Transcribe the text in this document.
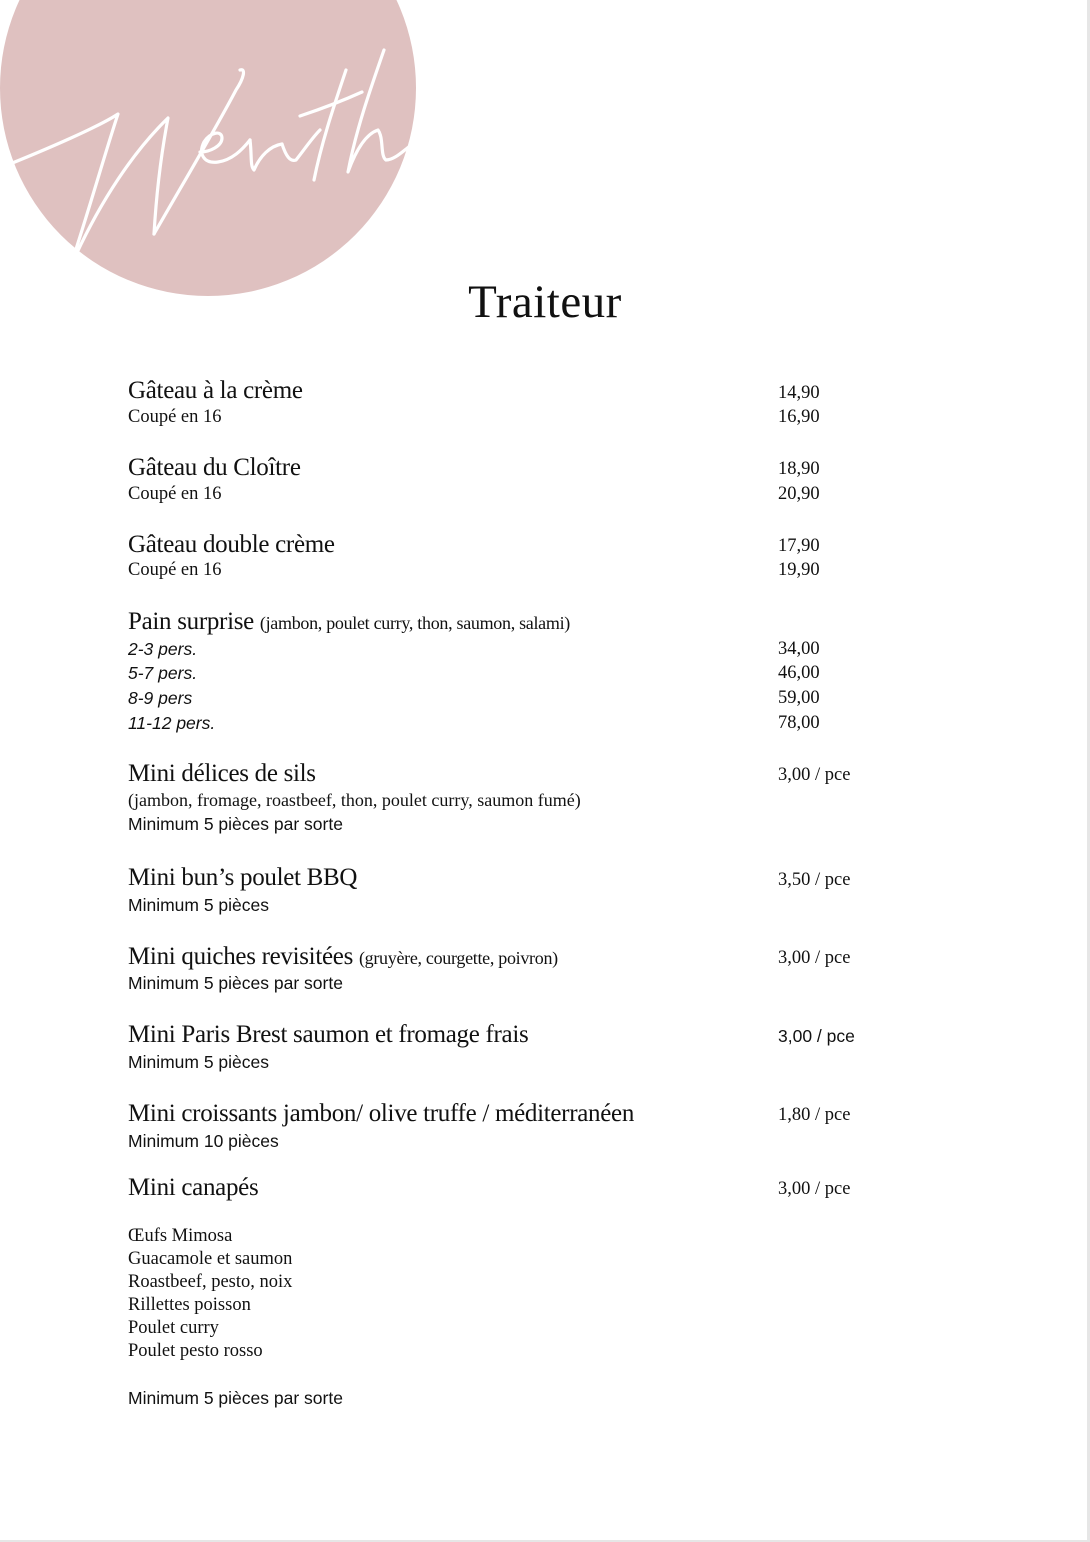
Traiteur
Gâteau à la crème	14,90
Coupé en 16	16,90
Gâteau du Cloître	18,90
Coupé en 16	20,90
Gâteau double crème	17,90
Coupé en 16	19,90
Pain surprise (jambon, poulet curry, thon, saumon, salami)
2-3 pers.	34,00
5-7 pers.	46,00
8-9 pers	59,00
11-12 pers.	78,00
Mini délices de sils	3,00 / pce
(jambon, fromage, roastbeef, thon, poulet curry, saumon fumé)
Minimum 5 pièces par sorte
Mini bun’s poulet BBQ	3,50 / pce
Minimum 5 pièces
Mini quiches revisitées (gruyère, courgette, poivron)	3,00 / pce
Minimum 5 pièces par sorte
Mini Paris Brest saumon et fromage frais	3,00 / pce
Minimum 5 pièces
Mini croissants jambon/ olive truffe / méditerranéen	1,80 / pce
Minimum 10 pièces
Mini canapés	3,00 / pce
Œufs Mimosa
Guacamole et saumon
Roastbeef, pesto, noix
Rillettes poisson
Poulet curry
Poulet pesto rosso
Minimum 5 pièces par sorte
